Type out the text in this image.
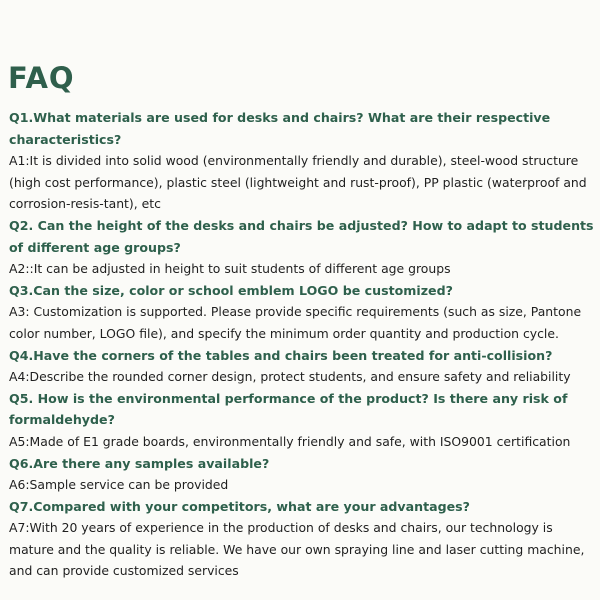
FAQ

Q1.What materials are used for desks and chairs? What are their respective characteristics?

A1:It is divided into solid wood (environmentally friendly and durable), steel-wood structure (high cost performance), plastic steel (lightweight and rust-proof), PP plastic (waterproof and corrosion-resis-tant), etc

Q2. Can the height of the desks and chairs be adjusted? How to adapt to students of different age groups?

A2::It can be adjusted in height to suit students of different age groups

Q3.Can the size, color or school emblem LOGO be customized?

A3: Customization is supported. Please provide specific requirements (such as size, Pantone color number, LOGO file), and specify the minimum order quantity and production cycle.

Q4.Have the corners of the tables and chairs been treated for anti-collision?

A4:Describe the rounded corner design, protect students, and ensure safety and reliability

Q5. How is the environmental performance of the product? Is there any risk of formaldehyde?

A5:Made of E1 grade boards, environmentally friendly and safe, with ISO9001 certification

Q6.Are there any samples available?

A6:Sample service can be provided

Q7.Compared with your competitors, what are your advantages?

A7:With 20 years of experience in the production of desks and chairs, our technology is mature and the quality is reliable. We have our own spraying line and laser cutting machine, and can provide customized services
